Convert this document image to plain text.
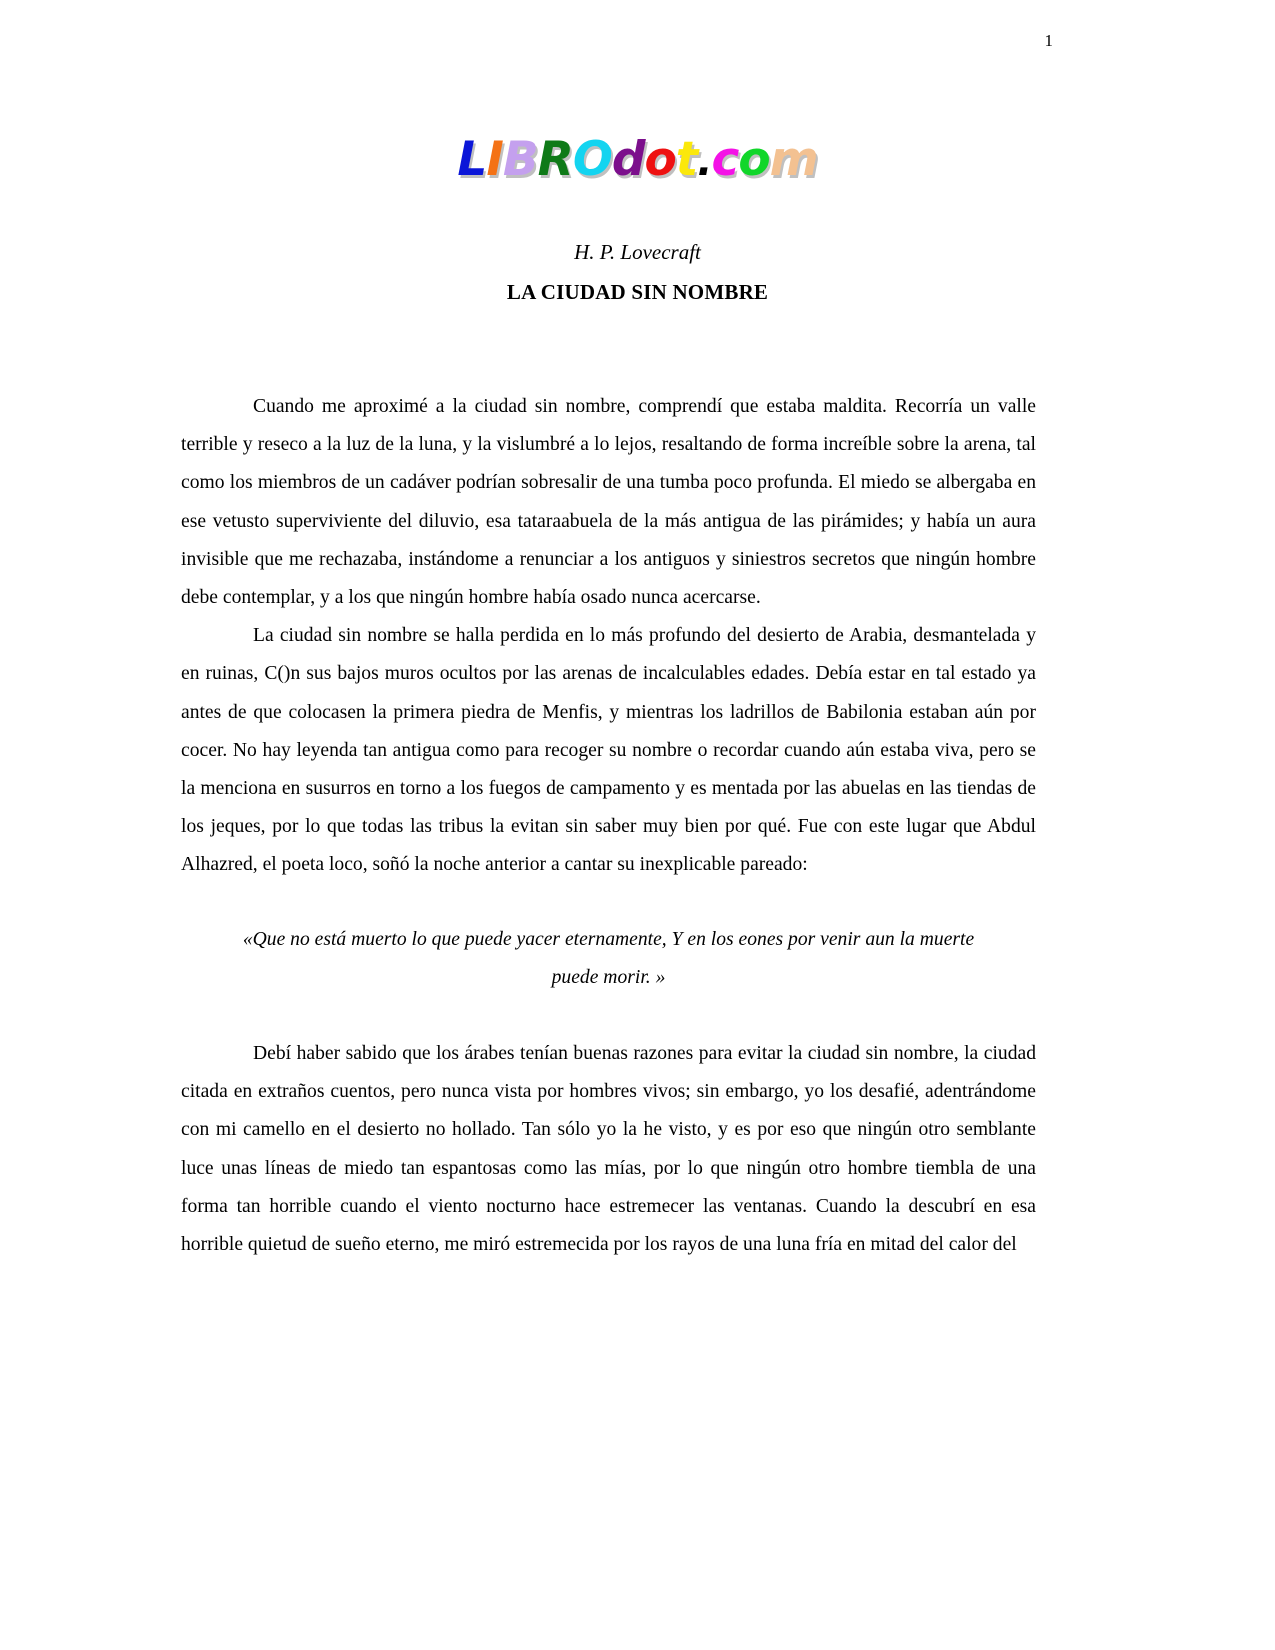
1
LIBROdot.com
H. P. Lovecraft
LA CIUDAD SIN NOMBRE

Cuando me aproximé a la ciudad sin nombre, comprendí que estaba maldita. Recorría un valle terrible y reseco a la luz de la luna, y la vislumbré a lo lejos, resaltando de forma increíble sobre la arena, tal como los miembros de un cadáver podrían sobresalir de una tumba poco profunda. El miedo se albergaba en ese vetusto superviviente del diluvio, esa tataraabuela de la más antigua de las pirámides; y había un aura invisible que me rechazaba, instándome a renunciar a los antiguos y siniestros secretos que ningún hombre debe contemplar, y a los que ningún hombre había osado nunca acercarse.

La ciudad sin nombre se halla perdida en lo más profundo del desierto de Arabia, desmantelada y en ruinas, C()n sus bajos muros ocultos por las arenas de incalculables edades. Debía estar en tal estado ya antes de que colocasen la primera piedra de Menfis, y mientras los ladrillos de Babilonia estaban aún por cocer. No hay leyenda tan antigua como para recoger su nombre o recordar cuando aún estaba viva, pero se la menciona en susurros en torno a los fuegos de campamento y es mentada por las abuelas en las tiendas de los jeques, por lo que todas las tribus la evitan sin saber muy bien por qué. Fue con este lugar que Abdul Alhazred, el poeta loco, soñó la noche anterior a cantar su inexplicable pareado:

«Que no está muerto lo que puede yacer eternamente, Y en los eones por venir aun la muerte
puede morir. »

Debí haber sabido que los árabes tenían buenas razones para evitar la ciudad sin nombre, la ciudad citada en extraños cuentos, pero nunca vista por hombres vivos; sin embargo, yo los desafié, adentrándome con mi camello en el desierto no hollado. Tan sólo yo la he visto, y es por eso que ningún otro semblante luce unas líneas de miedo tan espantosas como las mías, por lo que ningún otro hombre tiembla de una forma tan horrible cuando el viento nocturno hace estremecer las ventanas. Cuando la descubrí en esa horrible quietud de sueño eterno, me miró estremecida por los rayos de una luna fría en mitad del calor del
